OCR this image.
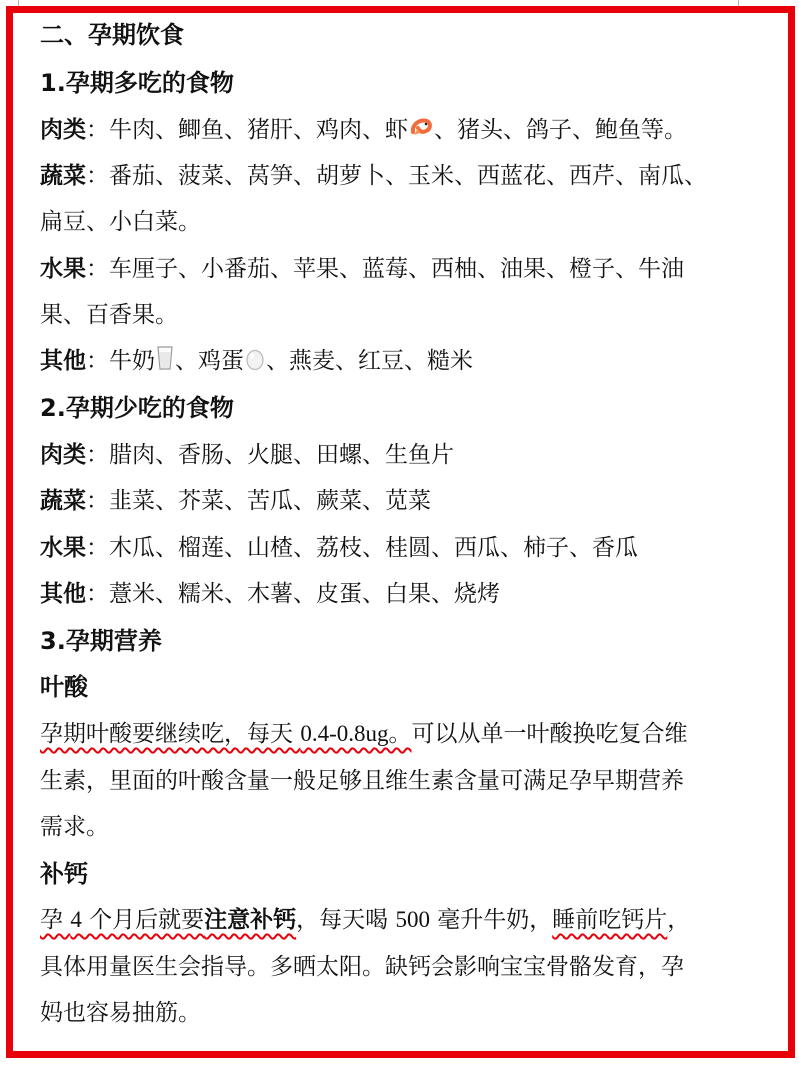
二、孕期饮食
1.孕期多吃的食物
肉类：牛肉、鲫鱼、猪肝、鸡肉、虾 、猪头、鸽子、鲍鱼等。
蔬菜：番茄、菠菜、莴笋、胡萝卜、玉米、西蓝花、西芹、南瓜、
扁豆、小白菜。
水果：车厘子、小番茄、苹果、蓝莓、西柚、油果、橙子、牛油
果、百香果。
其他：牛奶 、鸡蛋 、燕麦、红豆、糙米
2.孕期少吃的食物
肉类：腊肉、香肠、火腿、田螺、生鱼片
蔬菜：韭菜、芥菜、苦瓜、蕨菜、苋菜
水果：木瓜、榴莲、山楂、荔枝、桂圆、西瓜、柿子、香瓜
其他：薏米、糯米、木薯、皮蛋、白果、烧烤
3.孕期营养
叶酸
孕期叶酸要继续吃，每天 0.4-0.8ug。可以从单一叶酸换吃复合维
生素，里面的叶酸含量一般足够且维生素含量可满足孕早期营养
需求。
补钙
孕 4 个月后就要注意补钙，每天喝 500 毫升牛奶，睡前吃钙片，
具体用量医生会指导。多晒太阳。缺钙会影响宝宝骨骼发育，孕
妈也容易抽筋。
